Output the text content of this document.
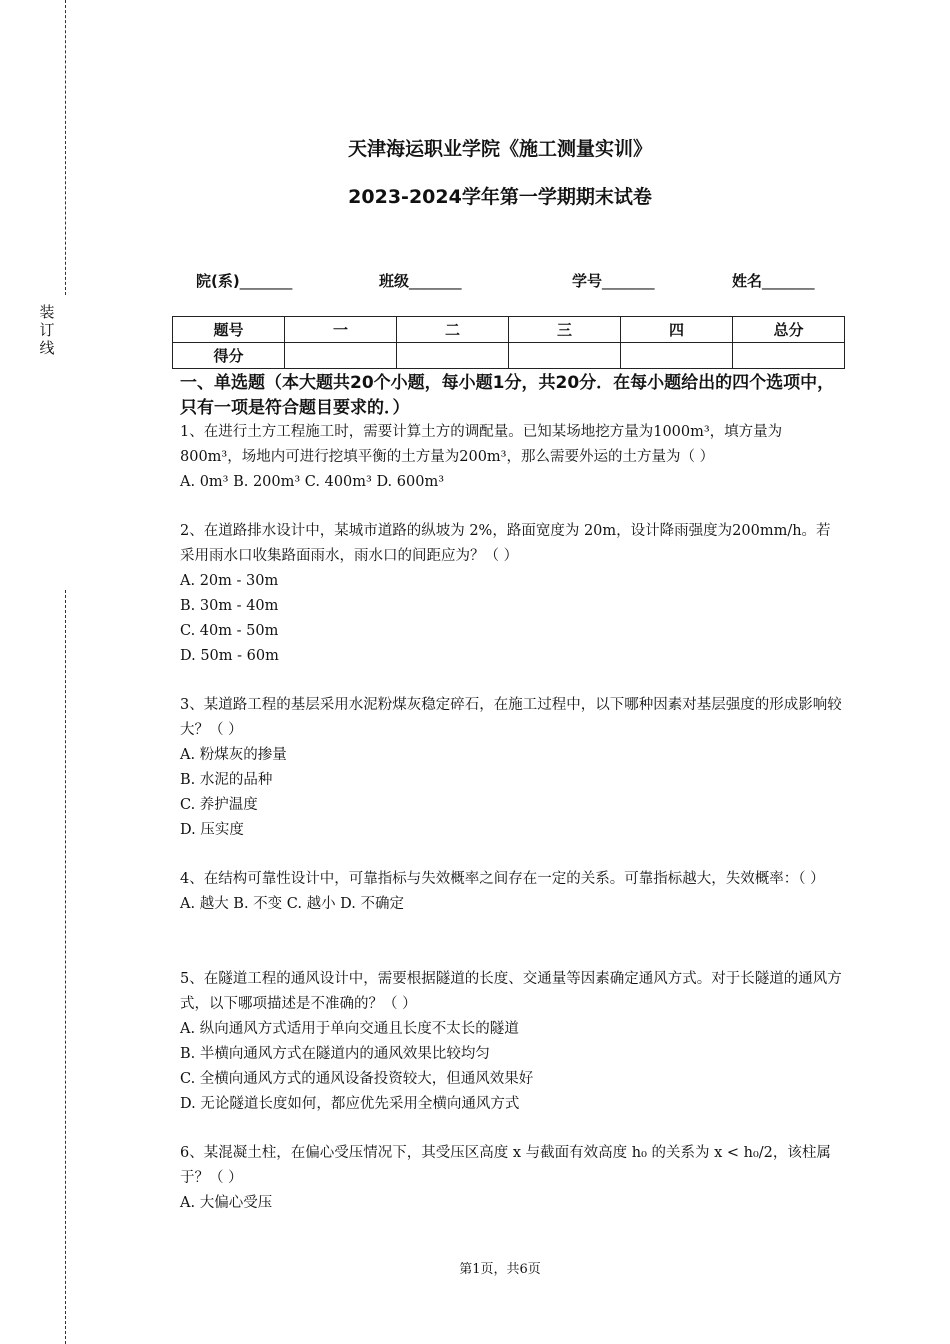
装订线
天津海运职业学院《施工测量实训》
2023-2024学年第一学期期末试卷
院(系)_______	班级_______	学号_______	姓名_______
题号	一	二	三	四	总分
得分					
一、单选题（本大题共20个小题，每小题1分，共20分．在每小题给出的四个选项中，只有一项是符合题目要求的．）

1、在进行土方工程施工时，需要计算土方的调配量。已知某场地挖方量为1000m³，填方量为800m³，场地内可进行挖填平衡的土方量为200m³，那么需要外运的土方量为（ ）

A. 0m³ B. 200m³ C. 400m³ D. 600m³

2、在道路排水设计中，某城市道路的纵坡为 2%，路面宽度为 20m，设计降雨强度为200mm/h。若采用雨水口收集路面雨水，雨水口的间距应为？（ ）

A. 20m - 30m

B. 30m - 40m

C. 40m - 50m

D. 50m - 60m

3、某道路工程的基层采用水泥粉煤灰稳定碎石，在施工过程中，以下哪种因素对基层强度的形成影响较大？（ ）

A. 粉煤灰的掺量

B. 水泥的品种

C. 养护温度

D. 压实度

4、在结构可靠性设计中，可靠指标与失效概率之间存在一定的关系。可靠指标越大，失效概率：（ ）

A. 越大 B. 不变 C. 越小 D. 不确定

5、在隧道工程的通风设计中，需要根据隧道的长度、交通量等因素确定通风方式。对于长隧道的通风方式，以下哪项描述是不准确的？（ ）

A. 纵向通风方式适用于单向交通且长度不太长的隧道

B. 半横向通风方式在隧道内的通风效果比较均匀

C. 全横向通风方式的通风设备投资较大，但通风效果好

D. 无论隧道长度如何，都应优先采用全横向通风方式

6、某混凝土柱，在偏心受压情况下，其受压区高度 x 与截面有效高度 h₀ 的关系为 x < h₀/2，该柱属于？（ ）

A. 大偏心受压

第1页，共6页
